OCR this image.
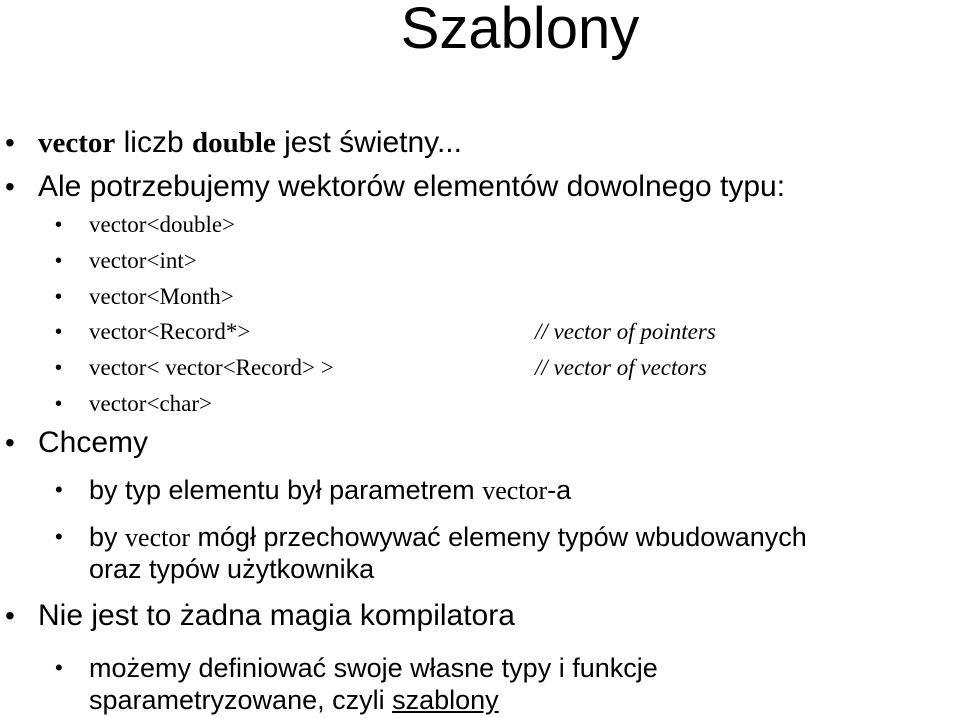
Szablony
• vector liczb double jest świetny...
• Ale potrzebujemy wektorów elementów dowolnego typu:
• vector<double>
• vector<int>
• vector<Month>
• vector<Record*>	// vector of pointers
• vector< vector<Record> >	// vector of vectors
• vector<char>
• Chcemy
• by typ elementu był parametrem vector-a
• by vector mógł przechowywać elemeny typów wbudowanych
oraz typów użytkownika
• Nie jest to żadna magia kompilatora
• możemy definiować swoje własne typy i funkcje
sparametryzowane, czyli szablony
